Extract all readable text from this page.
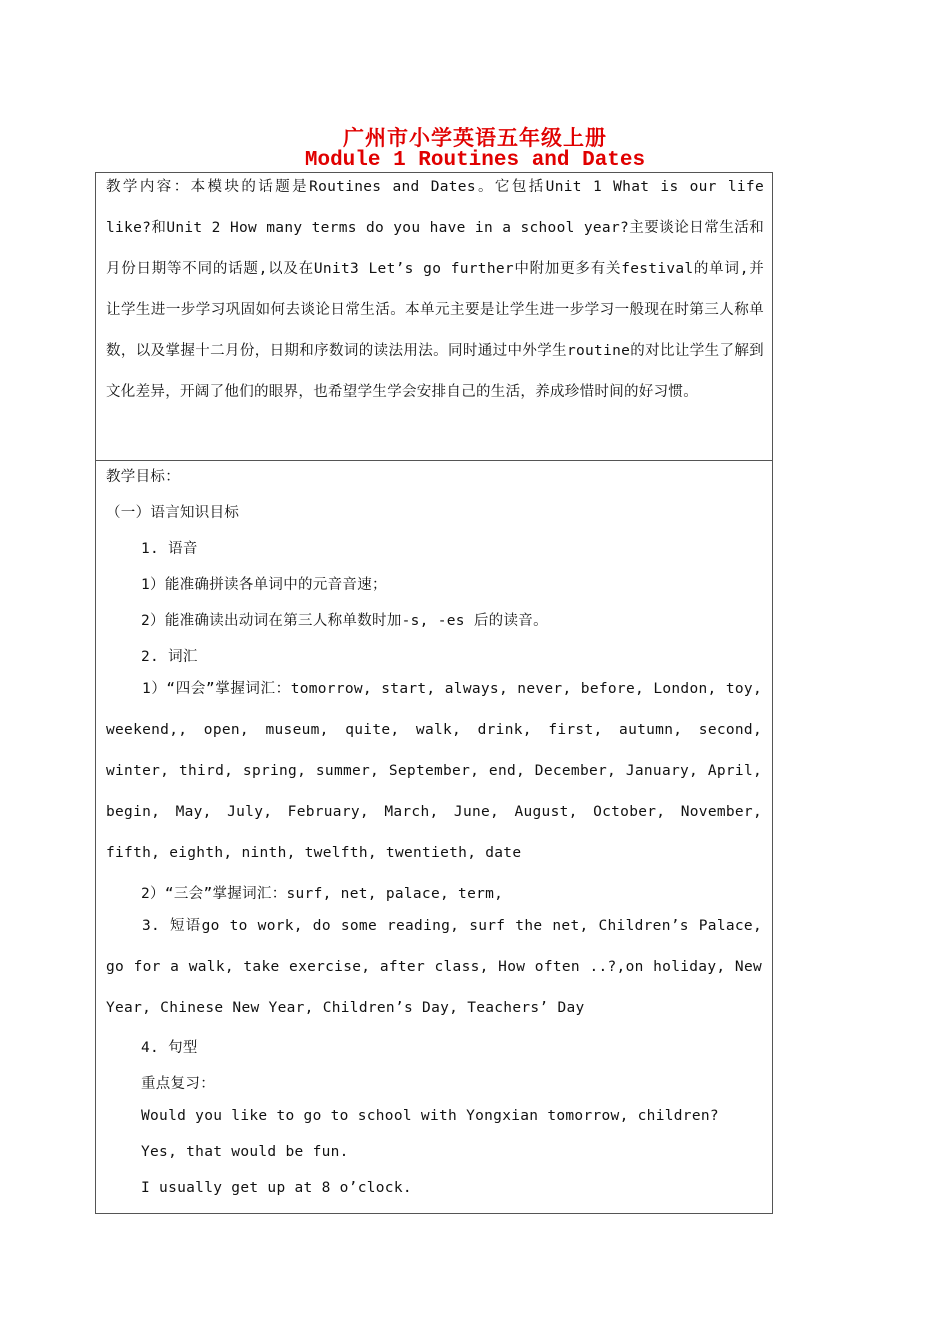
广州市小学英语五年级上册
Module 1 Routines and Dates
教学内容：本模块的话题是Routines and Dates。它包括Unit 1 What is our life like?和Unit 2 How many terms do you have in a school year?主要谈论日常生活和月份日期等不同的话题,以及在Unit3 Let’s go further中附加更多有关festival的单词,并让学生进一步学习巩固如何去谈论日常生活。本单元主要是让学生进一步学习一般现在时第三人称单数，以及掌握十二月份，日期和序数词的读法用法。同时通过中外学生routine的对比让学生了解到文化差异，开阔了他们的眼界，也希望学生学会安排自己的生活，养成珍惜时间的好习惯。
教学目标：
（一）语言知识目标
1. 语音
1）能准确拼读各单词中的元音音速；
2）能准确读出动词在第三人称单数时加-s, -es 后的读音。
2. 词汇
1）“四会”掌握词汇：tomorrow, start, always, never, before, London, toy, weekend,, open, museum, quite, walk, drink, first, autumn, second, winter, third, spring, summer, September, end, December, January, April, begin, May, July, February, March, June, August, October, November, fifth, eighth, ninth, twelfth, twentieth, date
2）“三会”掌握词汇：surf, net, palace, term,
3. 短语go to work, do some reading, surf the net, Children’s Palace, go for a walk, take exercise, after class, How often ..?,on holiday, New Year, Chinese New Year, Children’s Day, Teachers’ Day
4. 句型
重点复习：
Would you like to go to school with Yongxian tomorrow, children?
Yes, that would be fun.
I usually get up at 8 o’clock.
